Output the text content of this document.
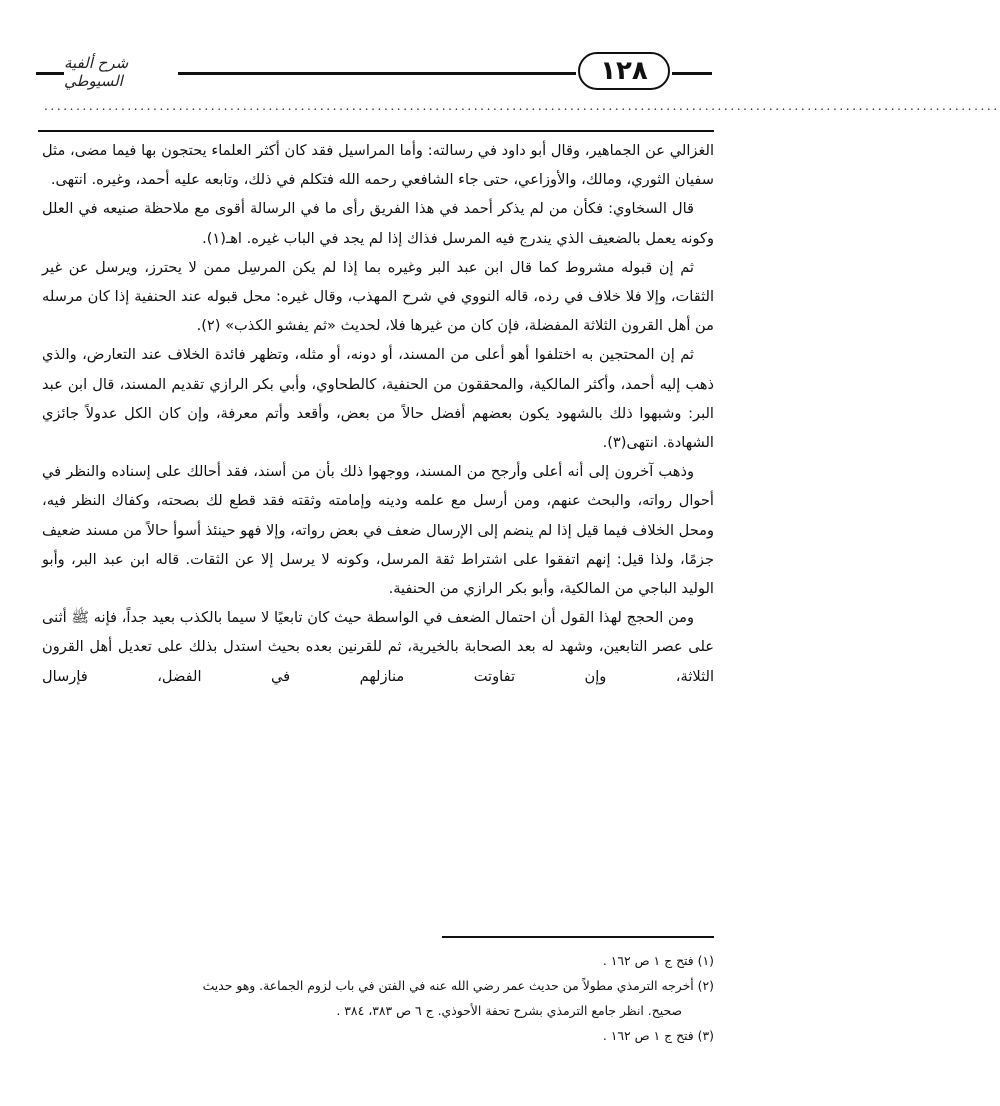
شرح ألفية السيوطي	١٢٨
.....................................................................................................................................................

الغزالي عن الجماهير، وقال أبو داود في رسالته: وأما المراسيل فقد كان أكثر العلماء يحتجون بها فيما مضى، مثل سفيان الثوري، ومالك، والأوزاعي، حتى جاء الشافعي رحمه الله فتكلم في ذلك، وتابعه عليه أحمد، وغيره. انتهى.

قال السخاوي: فكأن من لم يذكر أحمد في هذا الفريق رأى ما في الرسالة أقوى مع ملاحظة صنيعه في العلل وكونه يعمل بالضعيف الذي يندرج فيه المرسل فذاك إذا لم يجد في الباب غيره. اهـ(١).

ثم إن قبوله مشروط كما قال ابن عبد البر وغيره بما إذا لم يكن المرسِل ممن لا يحترز، ويرسل عن غير الثقات، وإلا فلا خلاف في رده، قاله النووي في شرح المهذب، وقال غيره: محل قبوله عند الحنفية إذا كان مرسله من أهل القرون الثلاثة المفضلة، فإن كان من غيرها فلا، لحديث «ثم يفشو الكذب» (٢).

ثم إن المحتجين به اختلفوا أهو أعلى من المسند، أو دونه، أو مثله، وتظهر فائدة الخلاف عند التعارض، والذي ذهب إليه أحمد، وأكثر المالكية، والمحققون من الحنفية، كالطحاوي، وأبي بكر الرازي تقديم المسند، قال ابن عبد البر: وشبهوا ذلك بالشهود يكون بعضهم أفضل حالاً من بعض، وأقعد وأتم معرفة، وإن كان الكل عدولاً جائزي الشهادة. انتهى(٣).

وذهب آخرون إلى أنه أعلى وأرجح من المسند، ووجهوا ذلك بأن من أسند، فقد أحالك على إسناده والنظر في أحوال رواته، والبحث عنهم، ومن أرسل مع علمه ودينه وإمامته وثقته فقد قطع لك بصحته، وكفاك النظر فيه، ومحل الخلاف فيما قيل إذا لم ينضم إلى الإرسال ضعف في بعض رواته، وإلا فهو حينئذ أسوأ حالاً من مسند ضعيف جزمًا، ولذا قيل: إنهم اتفقوا على اشتراط ثقة المرسل، وكونه لا يرسل إلا عن الثقات. قاله ابن عبد البر، وأبو الوليد الباجي من المالكية، وأبو بكر الرازي من الحنفية.

ومن الحجج لهذا القول أن احتمال الضعف في الواسطة حيث كان تابعيًا لا سيما بالكذب بعيد جداً، فإنه ﷺ أثنى على عصر التابعين، وشهد له بعد الصحابة بالخيرية، ثم للقرنين بعده بحيث استدل بذلك على تعديل أهل القرون الثلاثة، وإن تفاوتت منازلهم في الفضل، فإرسال

(١) فتح ج ١ ص ١٦٢ .

(٢) أخرجه الترمذي مطولاً من حديث عمر رضي الله عنه في الفتن في باب لزوم الجماعة. وهو حديث

صحيح. انظر جامع الترمذي بشرح تحفة الأحوذي. ج ٦ ص ٣٨٣، ٣٨٤ .

(٣) فتح ج ١ ص ١٦٢ .
